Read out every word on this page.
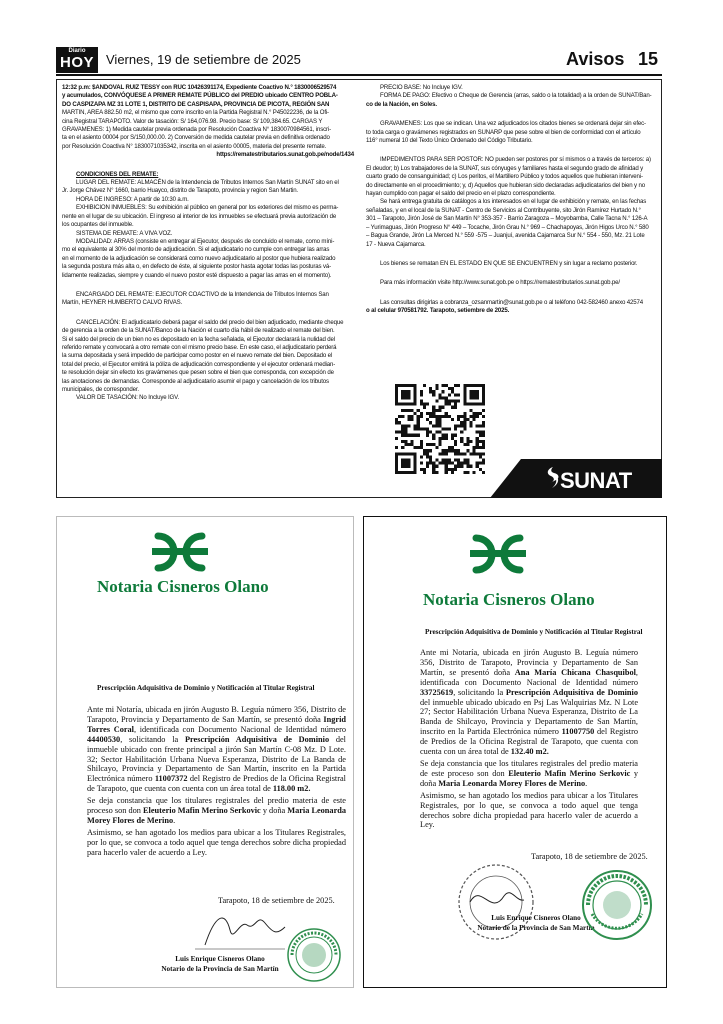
Diario
HOY Viernes, 19 de setiembre de 2025	Avisos 15

12:32 p.m: $ANDOVAL RUIZ TESSY con RUC 10426391174, Expediente Coactivo N.° 1830006529574

y acumulados, CONVÓQUESE A PRIMER REMATE PÚBLICO del PREDIO ubicado CENTRO POBLA-

DO CASPIZAPA MZ 31 LOTE 1, DISTRITO DE CASPISAPA, PROVINCIA DE PICOTA, REGIÓN SAN

MARTIN, AREA 882.50 m2, el mismo que corre inscrito en la Partida Registral N.° P45022236, de la Ofi-

cina Registral TARAPOTO. Valor de tasación: S/ 164,076.98. Precio base: S/ 109,384.65. CARGAS Y

GRAVAMENES: 1) Medida cautelar previa ordenada por Resolución Coactiva N° 1830070984561, inscri-

ta en el asiento 00004 por S/150,000.00. 2) Conversión de medida cautelar previa en definitiva ordenado

por Resolución Coactiva N° 1830071035342, inscrita en el asiento 00005, materia del presente remate.

https://rematestributarios.sunat.gob.pe/node/1434

CONDICIONES DEL REMATE:

LUGAR DEL REMATE: ALMACÉN de la Intendencia de Tributos Internos San Martín SUNAT sito en el

Jr. Jorge Chávez N° 1660, barrio Huayco, distrito de Tarapoto, provincia y region San Martin.

HORA DE INGRESO: A partir de 10:30 a.m.

EXHIBICION INMUEBLES: Su exhibición al público en general por los exteriores del mismo es perma-

nente en el lugar de su ubicación. El ingreso al interior de los inmuebles se efectuará previa autorización de

los ocupantes del inmueble.

SISTEMA DE REMATE: A VIVA VOZ.

MODALIDAD: ARRAS (consiste en entregar al Ejecutor, después de concluido el remate, como míni-

mo el equivalente al 30% del monto de adjudicación. Si el adjudicatario no cumple con entregar las arras

en el momento de la adjudicación se considerará como nuevo adjudicatario al postor que hubiera realizado

la segunda postura más alta o, en defecto de éste, al siguiente postor hasta agotar todas las posturas vá-

lidamente realizadas, siempre y cuando el nuevo postor esté dispuesto a pagar las arras en el momento).

ENCARGADO DEL REMATE: EJECUTOR COACTIVO de la Intendencia de Tributos Internos San

Martín, HEYNER HUMBERTO CALVO RIVAS.

CANCELACIÓN: El adjudicatario deberá pagar el saldo del precio del bien adjudicado, mediante cheque

de gerencia a la orden de la SUNAT/Banco de la Nación el cuarto día hábil de realizado el remate del bien.

Si el saldo del precio de un bien no es depositado en la fecha señalada, el Ejecutor declarará la nulidad del

referido remate y convocará a otro remate con el mismo precio base. En este caso, el adjudicatario perderá

la suma depositada y será impedido de participar como postor en el nuevo remate del bien. Depositado el

total del precio, el Ejecutor emitirá la póliza de adjudicación correspondiente y el ejecutor ordenará median-

te resolución dejar sin efecto los gravámenes que pesen sobre el bien que corresponda, con excepción de

las anotaciones de demandas. Corresponde al adjudicatario asumir el pago y cancelación de los tributos

municipales, de corresponder.

VALOR DE TASACIÓN: No Incluye IGV.

PRECIO BASE: No Incluye IGV.

FORMA DE PAGO: Efectivo o Cheque de Gerencia (arras, saldo o la totalidad) a la orden de SUNAT/Ban-

co de la Nación, en Soles.

GRAVAMENES: Los que se indican. Una vez adjudicados los citados bienes se ordenará dejar sin efec-

to toda carga o gravámenes registrados en SUNARP que pese sobre el bien de conformidad con el artículo

116° numeral 10 del Texto Único Ordenado del Código Tributario.

IMPEDIMENTOS PARA SER POSTOR: NO pueden ser postores por sí mismos o a través de terceros: a)

El deudor; b) Los trabajadores de la SUNAT, sus cónyuges y familiares hasta el segundo grado de afinidad y

cuarto grado de consanguinidad; c) Los peritos, el Martillero Público y todos aquellos que hubieran interveni-

do directamente en el procedimiento; y, d) Aquellos que hubieran sido declaradas adjudicatarios del bien y no

hayan cumplido con pagar el saldo del precio en el plazo correspondiente.

Se hará entrega gratuita de catálogos a los interesados en el lugar de exhibición y remate, en las fechas

señaladas, y en el local de la SUNAT - Centro de Servicios al Contribuyente, sito Jirón Ramírez Hurtado N.°

301 – Tarapoto, Jirón José de San Martín N° 353-357 - Barrio Zaragoza – Moyobamba, Calle Tacna N.° 126-A

– Yurimaguas, Jirón Progreso N° 449 – Tocache, Jirón Grau N.° 969 – Chachapoyas, Jirón Higos Urco N.° 580

– Bagua Grande, Jirón La Merced N.° 559 -575 – Juanjuí, avenida Cajamarca Sur N.° 554 - 550, Mz. 21 Lote

17 - Nueva Cajamarca.

Los bienes se rematan EN EL ESTADO EN QUE SE ENCUENTREN y sin lugar a reclamo posterior.

Para más información visite http://www.sunat.gob.pe o https://rematestributarios.sunat.gob.pe/

Las consultas dirigirlas a cobranza_ozsanmartin@sunat.gob.pe o al teléfono 042-582460 anexo 42574

o al celular 970581792. Tarapoto, setiembre de 2025.

SUNAT
Notaria Cisneros Olano
Prescripción Adquisitiva de Dominio y Notificación al Titular Registral

Ante mi Notaría, ubicada en jirón Augusto B. Leguía número 356, Distrito de Tarapoto, Provincia y Departamento de San Martín, se presentó doña Ingrid Torres Coral, identificada con Documento Nacional de Identidad número 44400530, solicitando la Prescripción Adquisitiva de Dominio del inmueble ubicado con frente principal a jirón San Martín C-08 Mz. D Lote. 32; Sector Habilitación Urbana Nueva Esperanza, Distrito de La Banda de Shilcayo, Provincia y Departamento de San Martín, inscrito en la Partida Electrónica número 11007372 del Registro de Predios de la Oficina Registral de Tarapoto, que cuenta con cuenta con un área total de 118.00 m2.

Se deja constancia que los titulares registrales del predio materia de este proceso son don Eleuterio Mafin Merino Serkovic y doña Maria Leonarda Morey Flores de Merino.

Asimismo, se han agotado los medios para ubicar a los Titulares Registrales, por lo que, se convoca a todo aquel que tenga derechos sobre dicha propiedad para hacerlo valer de acuerdo a Ley.

Tarapoto, 18 de setiembre de 2025.
Luis Enrique Cisneros Olano
Notario de la Provincia de San Martín
Notaria Cisneros Olano
Prescripción Adquisitiva de Dominio y Notificación al Titular Registral

Ante mi Notaría, ubicada en jirón Augusto B. Leguía número 356, Distrito de Tarapoto, Provincia y Departamento de San Martín, se presentó doña Ana María Chicana Chasquibol, identificada con Documento Nacional de Identidad número 33725619, solicitando la Prescripción Adquisitiva de Dominio del inmueble ubicado ubicado en Psj Las Walquirias Mz. N Lote 27; Sector Habilitación Urbana Nueva Esperanza, Distrito de La Banda de Shilcayo, Provincia y Departamento de San Martín, inscrito en la Partida Electrónica número 11007750 del Registro de Predios de la Oficina Registral de Tarapoto, que cuenta con cuenta con un área total de 132.40 m2.

Se deja constancia que los titulares registrales del predio materia de este proceso son don Eleuterio Mafin Merino Serkovic y doña Maria Leonarda Morey Flores de Merino.

Asimismo, se han agotado los medios para ubicar a los Titulares Registrales, por lo que, se convoca a todo aquel que tenga derechos sobre dicha propiedad para hacerlo valer de acuerdo a Ley.

Tarapoto, 18 de setiembre de 2025.
Luis Enrique Cisneros Olano
Notario de la Provincia de San Martín
